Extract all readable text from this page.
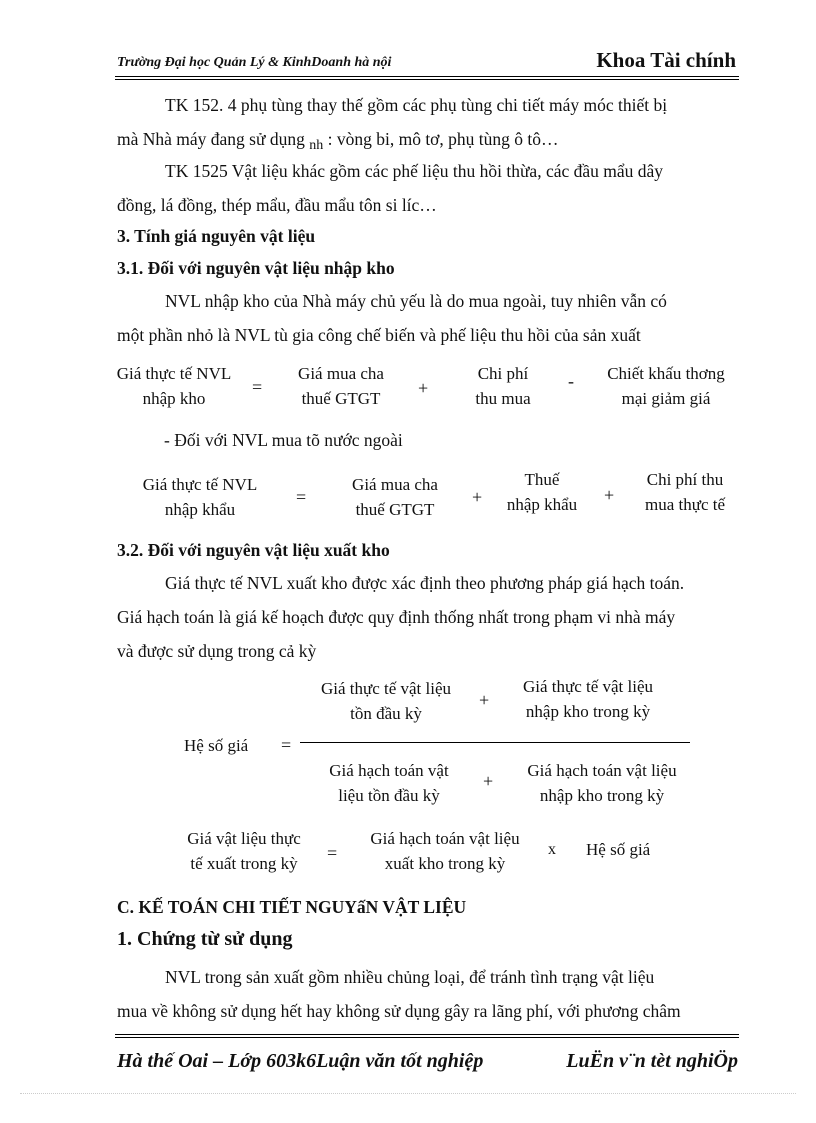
Trường Đại học Quản Lý & KinhDoanh hà nội	Khoa Tài chính
TK 152. 4 phụ tùng thay thế gồm các phụ tùng chi tiết máy móc thiết bị
mà Nhà máy đang sử dụng $_{nh}$ : vòng bi, mô tơ, phụ tùng ô tô…
TK 1525 Vật liệu khác gồm các phế liệu thu hồi thừa, các đầu mẩu dây
đồng, lá đồng, thép mẩu, đầu mẩu tôn si líc…
3. Tính giá nguyên vật liệu
3.1. Đối với nguyên vật liệu nhập kho
NVL nhập kho của Nhà máy chủ yếu là do mua ngoài, tuy nhiên vẫn có
một phần nhỏ là NVL tù gia công chế biến và phế liệu thu hồi của sản xuất
Giá thực tế NVL
nhập kho
=
Giá mua cha
thuế GTGT
+
Chi phí
thu mua
-	Chiết khấu thơng
mại giảm giá
- Đối với NVL mua tõ nước ngoài
Giá thực tế NVL
nhập khẩu
=
Giá mua cha
thuế GTGT
+
Thuế
nhập khẩu	+
Chi phí thu
mua thực tế
3.2. Đối với nguyên vật liệu xuất kho
Giá thực tế NVL xuất kho được xác định theo phương pháp giá hạch toán.
Giá hạch toán là giá kế hoạch được quy định thống nhất trong phạm vi nhà máy
và được sử dụng trong cả kỳ
Giá thực tế vật liệu
tồn đầu kỳ
+
Giá thực tế vật liệu
nhập kho trong kỳ
Hệ số giá =
Giá hạch toán vật
liệu tồn đầu kỳ
+
Giá hạch toán vật liệu
nhập kho trong kỳ
Giá vật liệu thực
tế xuất trong kỳ
=
Giá hạch toán vật liệu
xuất kho trong kỳ
x Hệ số giá
C. KẾ TOÁN CHI TIẾT NGUYấN VẬT LIỆU
1. Chứng từ sử dụng
NVL trong sản xuất gồm nhiều chủng loại, để tránh tình trạng vật liệu
mua về không sử dụng hết hay không sử dụng gây ra lãng phí, với phương châm
Hà thế Oai – Lớp 603k6Luận văn tốt nghiệp	LuËn v¨n tèt nghiÖp
